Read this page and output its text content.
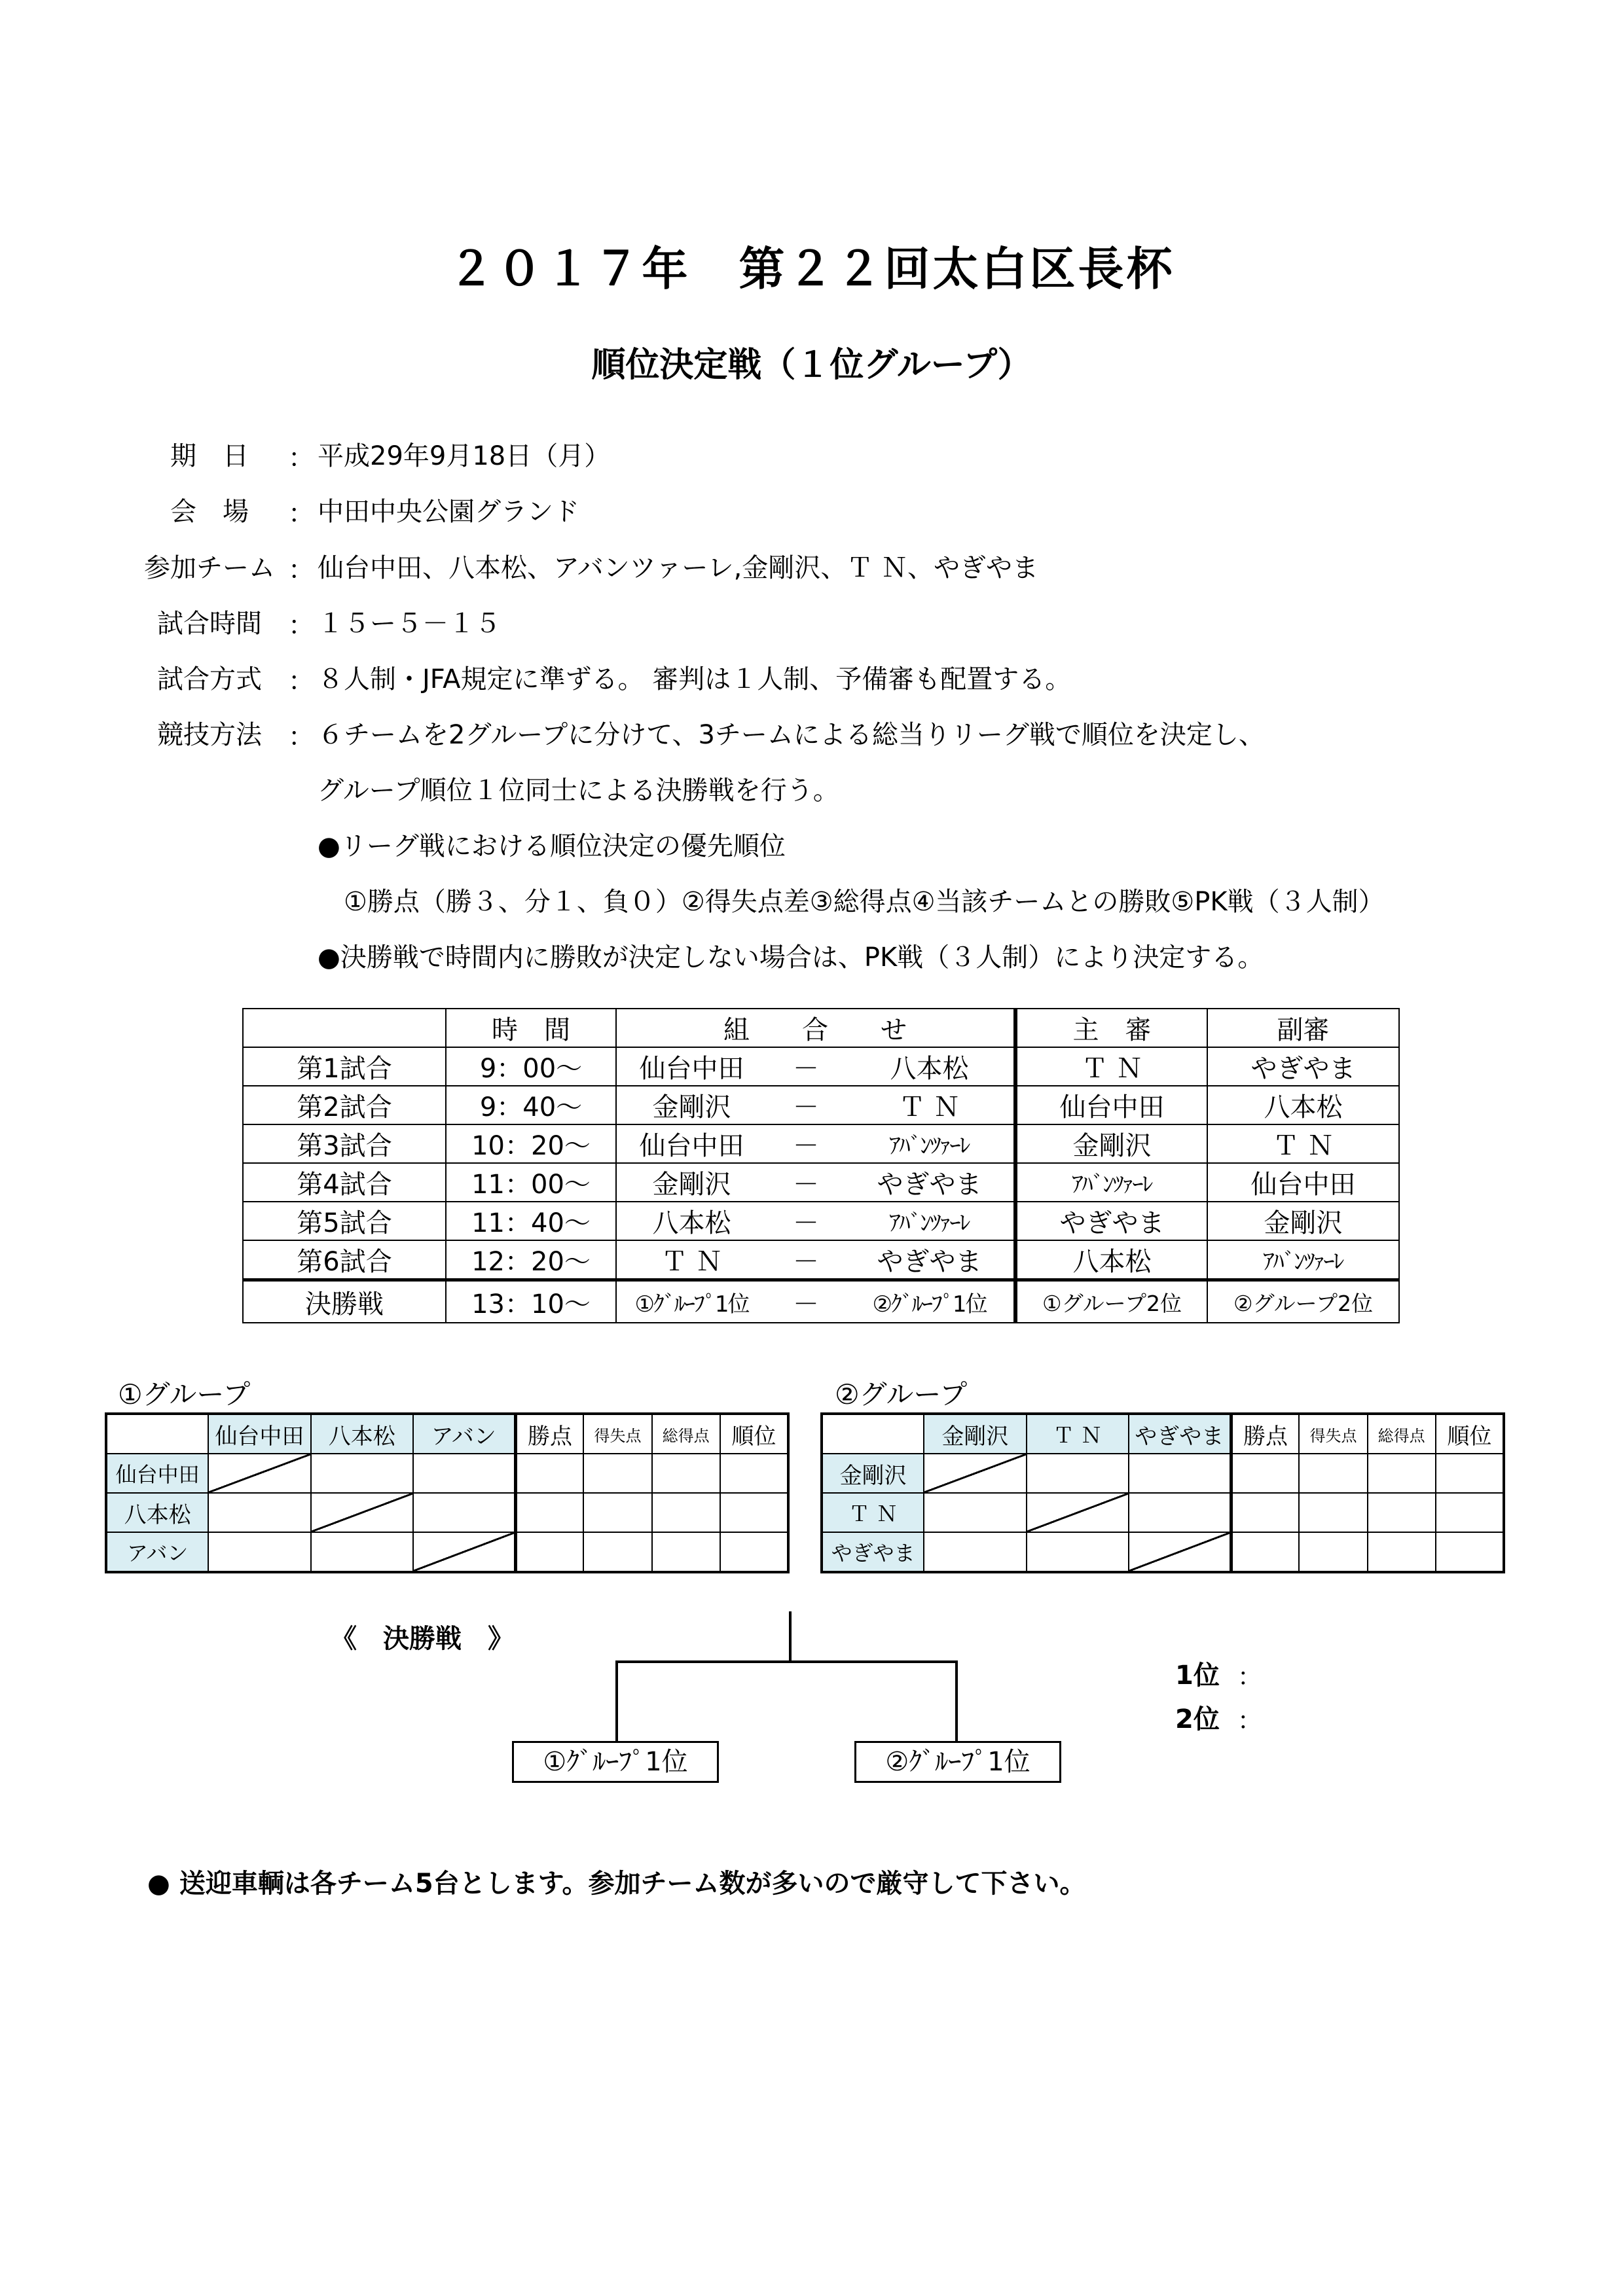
２０１７年　第２２回太白区長杯
順位決定戦（１位グループ）
期　日	： 平成29年9月18日（月）
会　場	： 中田中央公園グランド
参加チーム ： 仙台中田、八本松、アバンツァーレ,金剛沢、Ｔ Ｎ、やぎやま
試合時間	： １５ー５－１５
試合方式	： ８人制・JFA規定に準ずる。 審判は１人制、予備審も配置する。
競技方法	： ６チームを2グループに分けて、3チームによる総当りリーグ戦で順位を決定し、
グループ順位１位同士による決勝戦を行う。
●リーグ戦における順位決定の優先順位
①勝点（勝３、分１、負０）②得失点差③総得点④当該チームとの勝敗⑤PK戦（３人制）
●決勝戦で時間内に勝敗が決定しない場合は、PK戦（３人制）により決定する。
	時　間	組　　合　　せ			主　審	副審
第1試合	9：00～	仙台中田	－	八本松	Ｔ Ｎ	やぎやま
第2試合	9：40～	金剛沢	－	Ｔ Ｎ	仙台中田	八本松
第3試合	10：20～	仙台中田	－	ｱﾊﾞﾝﾂｧｰﾚ	金剛沢	Ｔ Ｎ
第4試合	11：00～	金剛沢	－	やぎやま	ｱﾊﾞﾝﾂｧｰﾚ	仙台中田
第5試合	11：40～	八本松	－	ｱﾊﾞﾝﾂｧｰﾚ	やぎやま	金剛沢
第6試合	12：20～	Ｔ Ｎ	－	やぎやま	八本松	ｱﾊﾞﾝﾂｧｰﾚ
決勝戦	13：10～	①ｸﾞﾙｰﾌﾟ1位	－	②ｸﾞﾙｰﾌﾟ1位	①グループ2位	②グループ2位
①グループ
	仙台中田	八本松	アバン	勝点	得失点	総得点	順位
仙台中田							
八本松							
アバン							
②グループ
	金剛沢	Ｔ Ｎ	やぎやま	勝点	得失点	総得点	順位
金剛沢							
Ｔ Ｎ							
やぎやま							
《　決勝戦　》
①ｸﾞﾙｰﾌﾟ1位	②ｸﾞﾙｰﾌﾟ1位
1位 ：
2位 ：
● 送迎車輌は各チーム5台とします。参加チーム数が多いので厳守して下さい。
